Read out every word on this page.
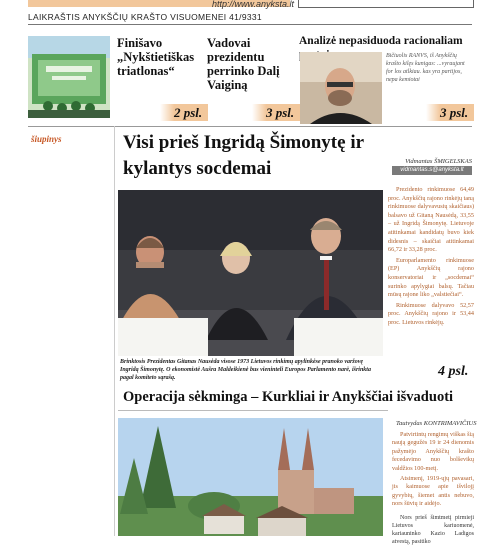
http://www.anyksta.lt
LAIKRAŠTIS ANYKŠČIŲ KRAŠTO VISUOMENEI 41/9331
Finišavo „Nykštietiškas triatlonas“
2 psl.
Vadovai prezidentu perrinko Dalį Vaiginą
3 psl.
Analizė nepasiduoda racionaliam
Bičiuolis RANVS, iš Anykščių krašto kilęs kunigas: ...vyraujant for los atlkiau. kas yra partijos, nepa kemiotai
3 psl.
šiupinys	Visi prieš Ingridą Šimonytę ir kylantys socdemai	Vidmantas ŠMIGELSKAS
vidmantas.s@anyksta.lt
Brinktosis Prezidentas Gitanas Nausėda visose 1973 Lietuvos rinkimų apylinkėse pranoko varžovę Ingridą Šimonytę. O ekonomistė Aušra Maldeikienė bus vieninteli Europos Parlamento narė, išrinkta pagal komiteto sąrašą.

Prezidento rinkimuose 64,49 proc. Anykščių rajono rinkėjų taną rinkimuose dalyvavusių skaičiaus) balsavo už Gitaną Nausėdą, 33,55 – už Ingridą Šimonytę. Lietuvoje atitinkamai kandidatų buvo kiek didesnis – skaičiai atitinkamai 66,72 ir 33,28 proc.

Europarlamento rinkimuose (EP) Anykščių rajono konservatoriai ir „socdemai“ surinko apylygiai balsų. Tačiau mūsų rajone liko „valstiečiai“.

Rinkimuose dalyvavo 52,57 proc. Anykščių rajono ir 53,44 proc. Lietuvos rinkėjų.

4 psl.
Operacija sėkminga – Kurkliai ir Anykščiai išvaduoti
Tautvydas KONTRIMAVIČIUS

Patvirtintų rengimų viškas šią naują gegužės 19 ir 24 dienomis pažymėjo Anykščių krašto fecedavimo nuo bolševikų valdžios 100-metį.

Atsimenį, 1919-ųjų pavasari, jis kaimuose apie išvilojį gyvybių, šiemet antis nebuvo, nors šūvių ir aidėjo.

Nors prieš šimtmetį pirmieji Lietuvos kariuomenė, kariauninko Kazio Ladigos atvestą, pasitiko
